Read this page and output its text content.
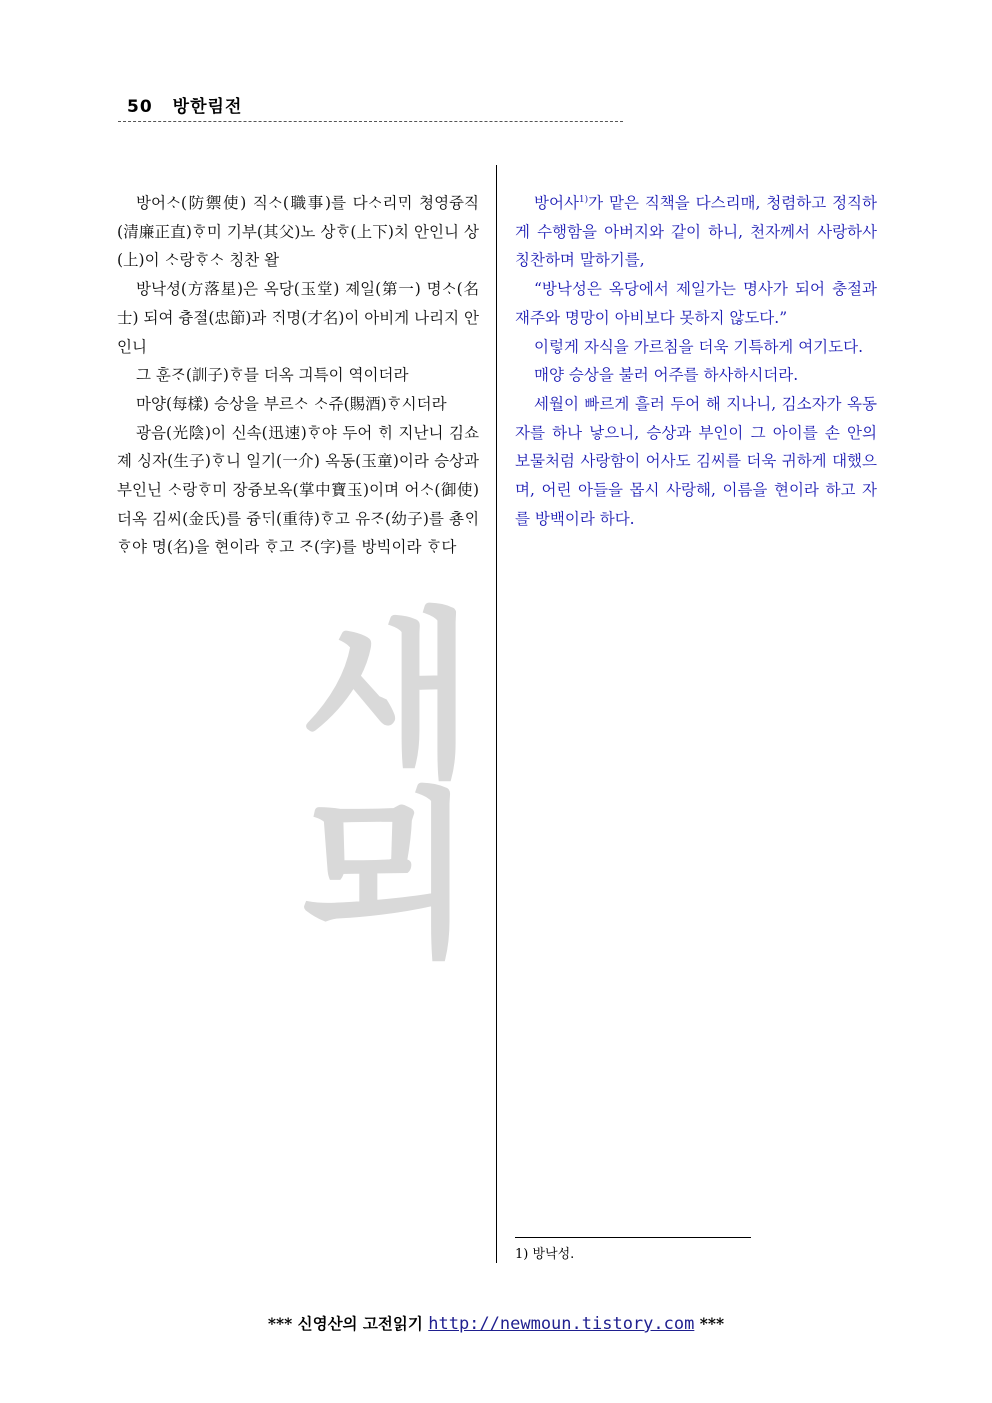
50 방한림전
새 뫼

방어ᄉᆞ(防禦使) 직ᄉᆞ(職事)를 다ᄉᆞ리ᄆᆡ 쳥영즁직(清廉正直)ᄒᆞ미 기부(其父)노 상ᄒᆞ(上下)치 안인니 상(上)이 ᄉᆞ랑ᄒᆞᄉᆞ 칭찬 왈

방낙셩(方落星)은 옥당(玉堂) 졔일(第一) 명ᄉᆞ(名士) 되여 츙졀(忠節)과 ᄌᆡ명(才名)이 아비게 나리지 안인니

그 훈ᄌᆞ(訓子)ᄒᆞ믈 더옥 긔특이 역이더라

마양(每樣) 승상을 부르ᄉᆞ ᄉᆞ쥬(賜酒)ᄒᆞ시더라

광음(光陰)이 신속(迅速)ᄒᆞ야 두어 ᄒᆡ 지난니 김쇼졔 싱자(生子)ᄒᆞ니 일기(一介) 옥동(玉童)이라 승상과 부인닌 ᄉᆞ랑ᄒᆞ미 장즁보옥(掌中寶玉)이며 어ᄉᆞ(御使) 더옥 김씨(金氏)를 즁ᄃᆡ(重待)ᄒᆞ고 유ᄌᆞ(幼子)를 춍ᄋᆡᄒᆞ야 명(名)을 현이라 ᄒᆞ고 ᄌᆞ(字)를 방빅이라 ᄒᆞ다

방어사$^{1)}$가 맡은 직책을 다스리매, 청렴하고 정직하게 수행함을 아버지와 같이 하니, 천자께서 사랑하사 칭찬하며 말하기를,

“방낙성은 옥당에서 제일가는 명사가 되어 충절과 재주와 명망이 아비보다 못하지 않도다.”

이렇게 자식을 가르침을 더욱 기특하게 여기도다.

매양 승상을 불러 어주를 하사하시더라.

세월이 빠르게 흘러 두어 해 지나니, 김소자가 옥동자를 하나 낳으니, 승상과 부인이 그 아이를 손 안의 보물처럼 사랑함이 어사도 김씨를 더욱 귀하게 대했으며, 어린 아들을 몹시 사랑해, 이름을 현이라 하고 자를 방백이라 하다.

1) 방낙성.
*** 신영산의 고전읽기 http://newmoun.tistory.com ***
